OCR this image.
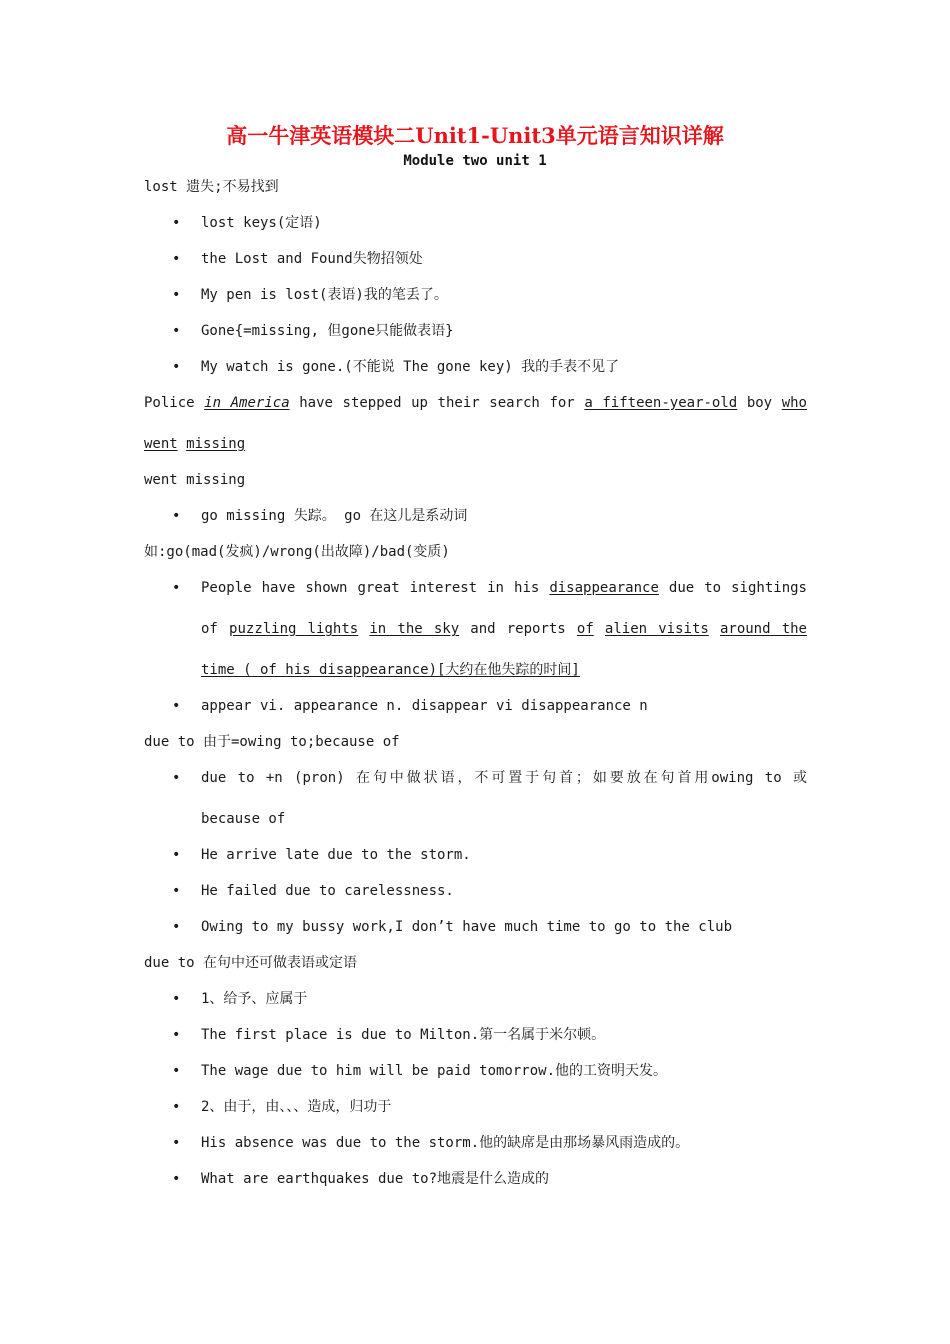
高一牛津英语模块二Unit1-Unit3单元语言知识详解
Module two unit 1
lost 遗失;不易找到
• lost keys(定语)
• the Lost and Found失物招领处
• My pen is lost(表语)我的笔丢了。
• Gone{=missing, 但gone只能做表语}
• My watch is gone.(不能说 The gone key) 我的手表不见了
Police in America have stepped up their search for a fifteen-year-old boy who
went missing
went missing
• go missing 失踪。 go 在这儿是系动词
如:go(mad(发疯)/wrong(出故障)/bad(变质)
• People have shown great interest in his disappearance due to sightings
of puzzling lights in the sky and reports of alien visits around the
time ( of his disappearance)[大约在他失踪的时间]
• appear vi. appearance n. disappear vi disappearance n
due to 由于=owing to;because of
• due to +n (pron) 在句中做状语，不可置于句首；如要放在句首用owing to 或
because of
• He arrive late due to the storm.
• He failed due to carelessness.
• Owing to my bussy work,I don’t have much time to go to the club
due to 在句中还可做表语或定语
• 1、给予、应属于
• The first place is due to Milton.第一名属于米尔顿。
• The wage due to him will be paid tomorrow.他的工资明天发。
• 2、由于，由、、、造成，归功于
• His absence was due to the storm.他的缺席是由那场暴风雨造成的。
• What are earthquakes due to?地震是什么造成的
